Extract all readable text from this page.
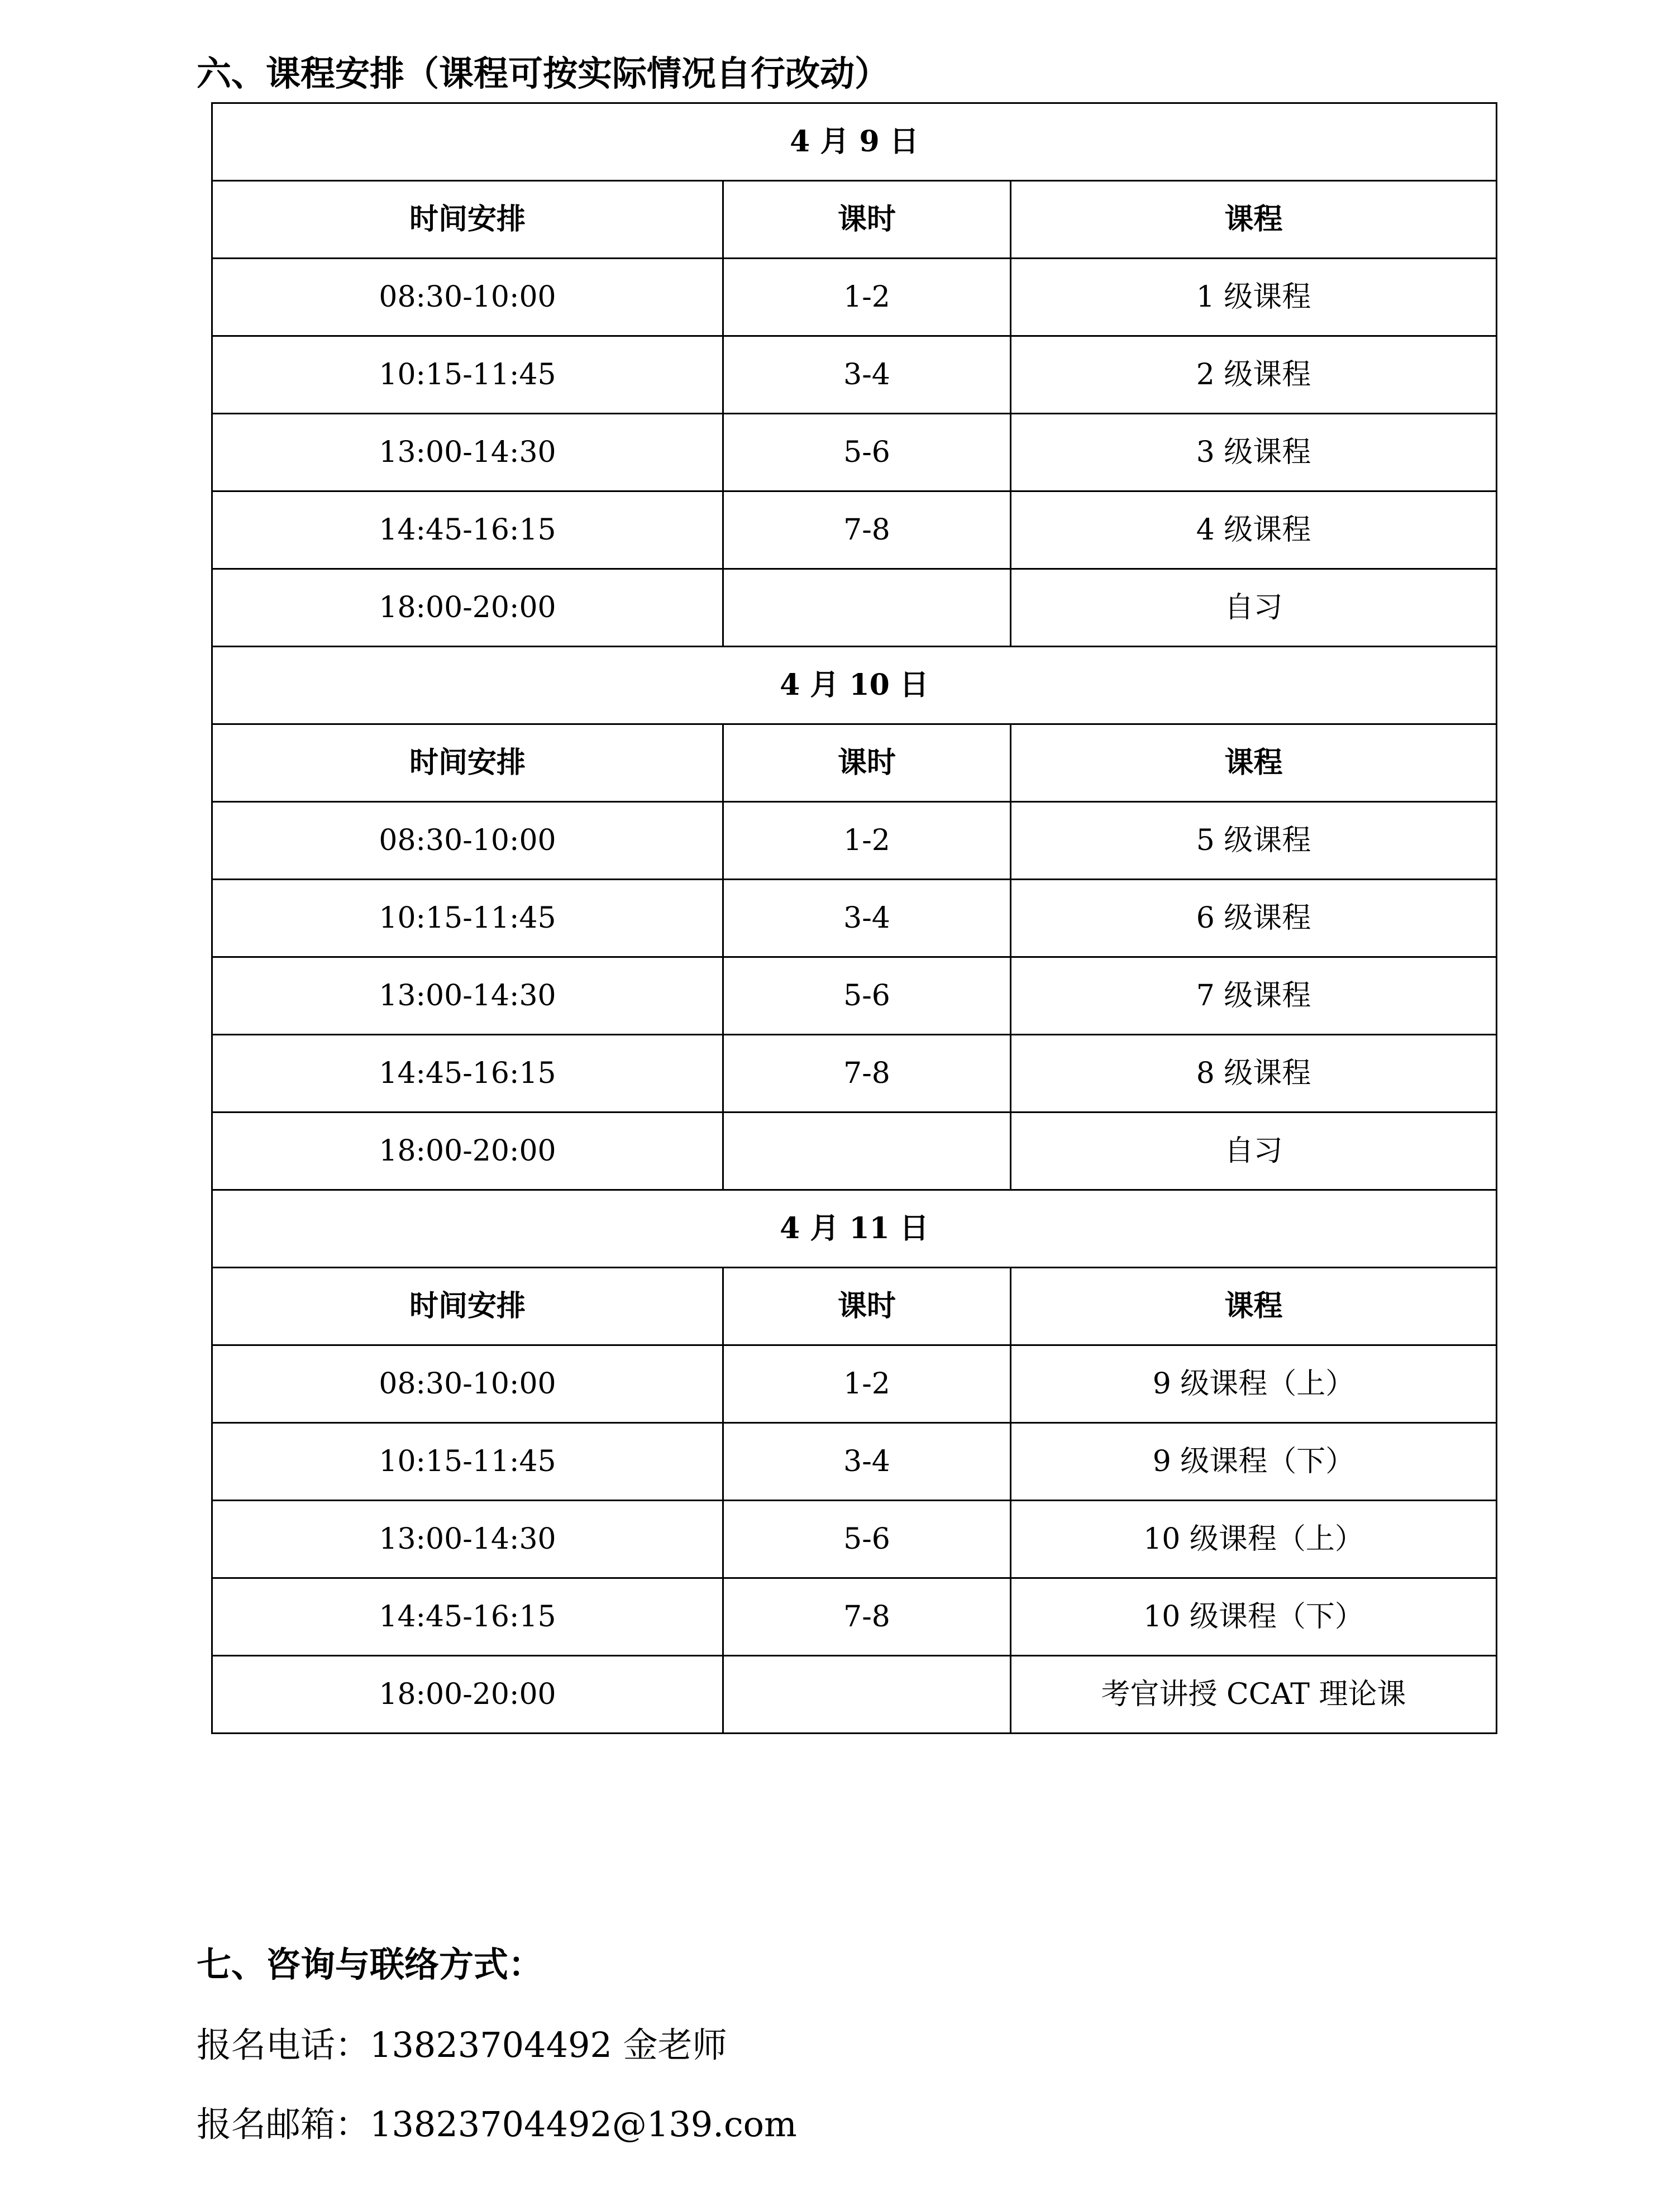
六、课程安排（课程可按实际情况自行改动）
4 月 9 日		
时间安排	课时	课程
08:30-10:00	1-2	1 级课程
10:15-11:45	3-4	2 级课程
13:00-14:30	5-6	3 级课程
14:45-16:15	7-8	4 级课程
18:00-20:00		自习
4 月 10 日		
时间安排	课时	课程
08:30-10:00	1-2	5 级课程
10:15-11:45	3-4	6 级课程
13:00-14:30	5-6	7 级课程
14:45-16:15	7-8	8 级课程
18:00-20:00		自习
4 月 11 日		
时间安排	课时	课程
08:30-10:00	1-2	9 级课程（上）
10:15-11:45	3-4	9 级课程（下）
13:00-14:30	5-6	10 级课程（上）
14:45-16:15	7-8	10 级课程（下）
18:00-20:00		考官讲授 CCAT 理论课
七、咨询与联络方式：
报名电话：13823704492 金老师
报名邮箱：13823704492@139.com
